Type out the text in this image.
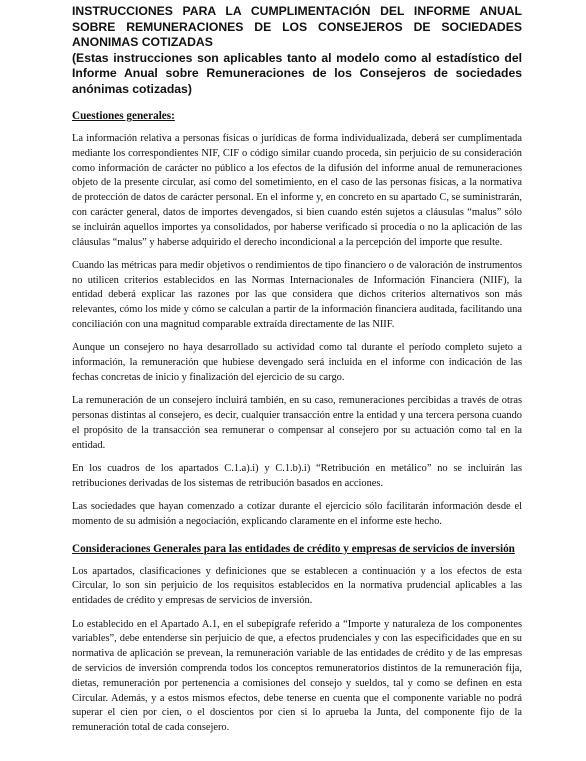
INSTRUCCIONES PARA LA CUMPLIMENTACIÓN DEL INFORME ANUAL SOBRE REMUNERACIONES DE LOS CONSEJEROS DE SOCIEDADES ANONIMAS COTIZADAS
(Estas instrucciones son aplicables tanto al modelo como al estadístico del Informe Anual sobre Remuneraciones de los Consejeros de sociedades anónimas cotizadas)
Cuestiones generales:

La información relativa a personas físicas o jurídicas de forma individualizada, deberá ser cumplimentada mediante los correspondientes NIF, CIF o código similar cuando proceda, sin perjuicio de su consideración como información de carácter no público a los efectos de la difusión del informe anual de remuneraciones objeto de la presente circular, así como del sometimiento, en el caso de las personas físicas, a la normativa de protección de datos de carácter personal. En el informe y, en concreto en su apartado C, se suministrarán, con carácter general, datos de importes devengados, si bien cuando estén sujetos a cláusulas “malus” sólo se incluirán aquellos importes ya consolidados, por haberse verificado si procedía o no la aplicación de las cláusulas “malus” y haberse adquirido el derecho incondicional a la percepción del importe que resulte.

Cuando las métricas para medir objetivos o rendimientos de tipo financiero o de valoración de instrumentos no utilicen criterios establecidos en las Normas Internacionales de Información Financiera (NIIF), la entidad deberá explicar las razones por las que considera que dichos criterios alternativos son más relevantes, cómo los mide y cómo se calculan a partir de la información financiera auditada, facilitando una conciliación con una magnitud comparable extraída directamente de las NIIF.

Aunque un consejero no haya desarrollado su actividad como tal durante el período completo sujeto a información, la remuneración que hubiese devengado será incluida en el informe con indicación de las fechas concretas de inicio y finalización del ejercicio de su cargo.

La remuneración de un consejero incluirá también, en su caso, remuneraciones percibidas a través de otras personas distintas al consejero, es decir, cualquier transacción entre la entidad y una tercera persona cuando el propósito de la transacción sea remunerar o compensar al consejero por su actuación como tal en la entidad.

En los cuadros de los apartados C.1.a).i) y C.1.b).i) “Retribución en metálico” no se incluirán las retribuciones derivadas de los sistemas de retribución basados en acciones.

Las sociedades que hayan comenzado a cotizar durante el ejercicio sólo facilitarán información desde el momento de su admisión a negociación, explicando claramente en el informe este hecho.

Consideraciones Generales para las entidades de crédito y empresas de servicios de inversión

Los apartados, clasificaciones y definiciones que se establecen a continuación y a los efectos de esta Circular, lo son sin perjuicio de los requisitos establecidos en la normativa prudencial aplicables a las entidades de crédito y empresas de servicios de inversión.

Lo establecido en el Apartado A.1, en el subepígrafe referido a “Importe y naturaleza de los componentes variables”, debe entenderse sin perjuicio de que, a efectos prudenciales y con las especificidades que en su normativa de aplicación se prevean, la remuneración variable de las entidades de crédito y de las empresas de servicios de inversión comprenda todos los conceptos remuneratorios distintos de la remuneración fija, dietas, remuneración por pertenencia a comisiones del consejo y sueldos, tal y como se definen en esta Circular. Además, y a estos mismos efectos, debe tenerse en cuenta que el componente variable no podrá superar el cien por cien, o el doscientos por cien si lo aprueba la Junta, del componente fijo de la remuneración total de cada consejero.
